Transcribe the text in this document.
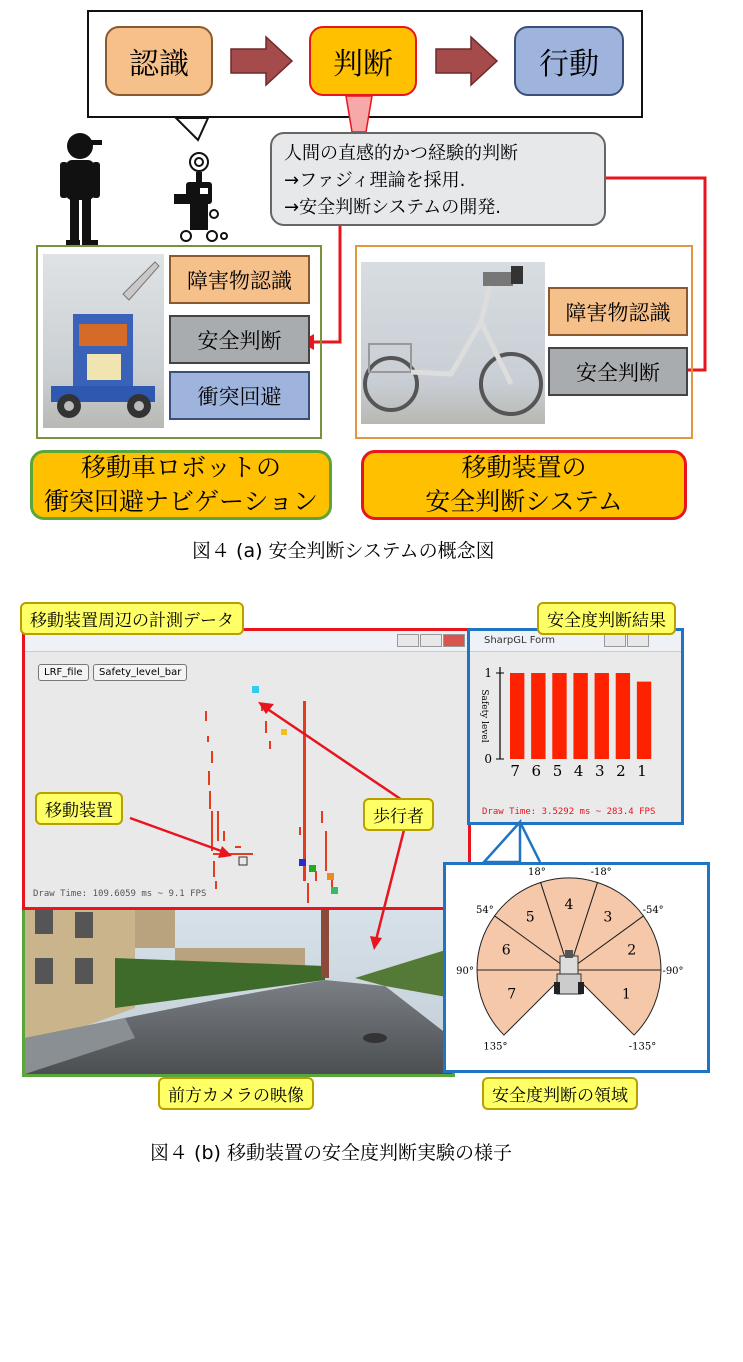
認識	判断	行動
人間の直感的かつ経験的判断
→ファジィ理論を採用.
→安全判断システムの開発.
障害物認識
安全判断
衝突回避
障害物認識
安全判断
移動車ロボットの
衝突回避ナビゲーション
移動装置の
安全判断システム
図４ (a) 安全判断システムの概念図
LRF_file	Safety_level_bar
Draw Time: 109.6059 ms ~ 9.1 FPS
SharpGL Form
1
0
Safety level
7 6 5 4 3 2 1
Draw Time: 3.5292 ms ~ 283.4 FPS
1
2
3
4
5
6
7
18°	-18°
54°	-54°
90°	-90°
135°	-135°
移動装置周辺の計測データ	安全度判断結果
移動装置	歩行者
前方カメラの映像	安全度判断の領域
図４ (b) 移動装置の安全度判断実験の様子
